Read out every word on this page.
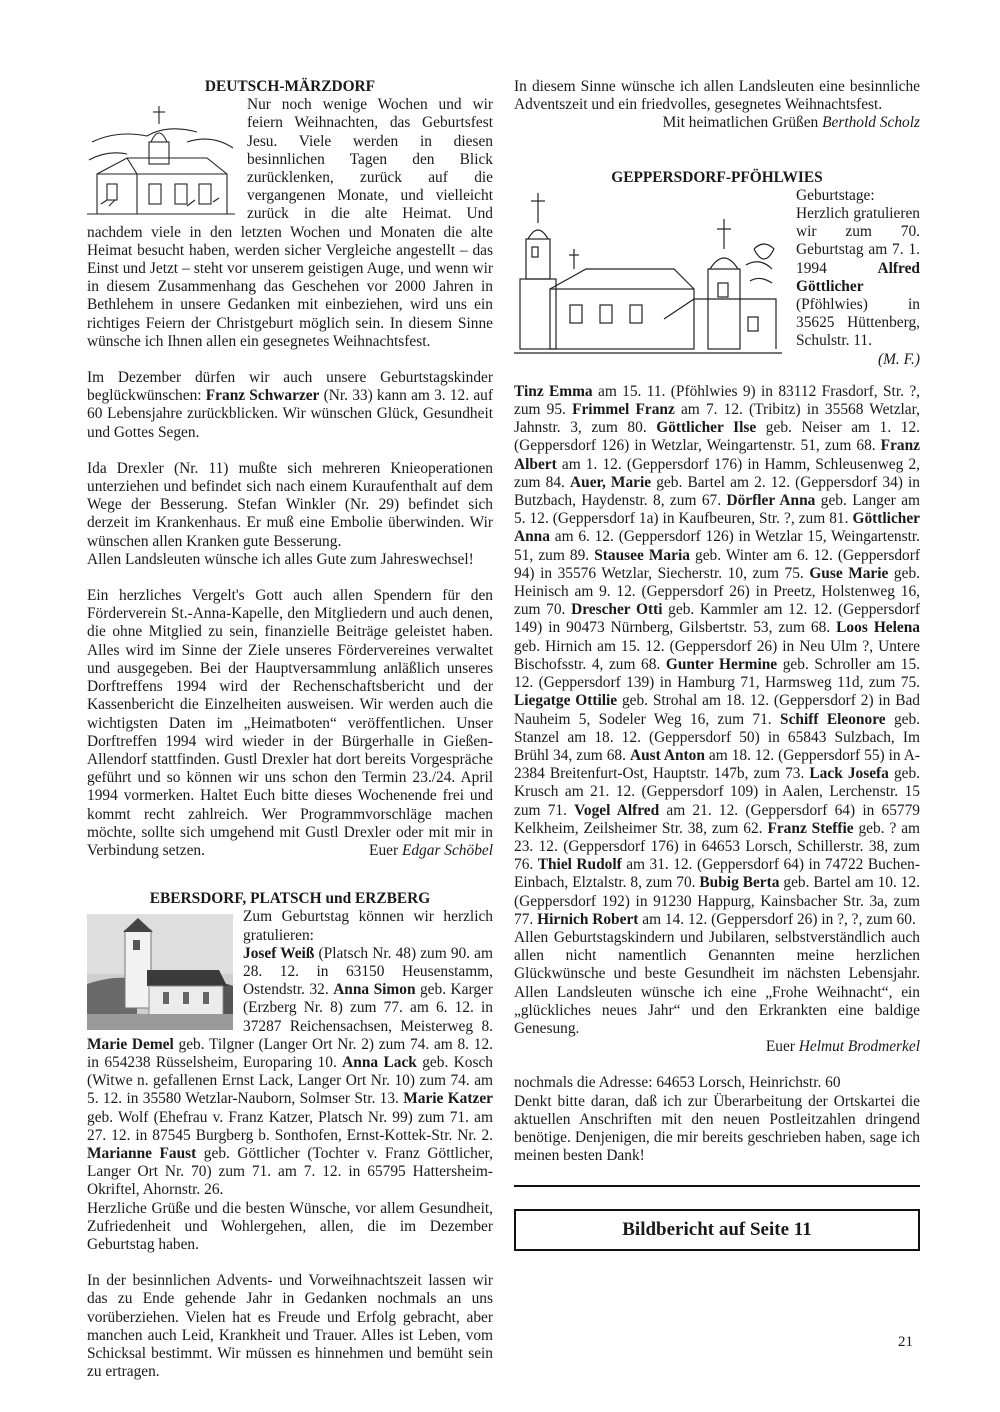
DEUTSCH-MÄRZDORF

Nur noch wenige Wochen und wir feiern Weihnachten, das Geburtsfest Jesu. Viele werden in diesen besinnlichen Tagen den Blick zurücklenken, zurück auf die vergangenen Monate, und vielleicht zurück in die alte Heimat. Und nachdem viele in den letzten Wochen und Monaten die alte Heimat besucht haben, werden sicher Vergleiche angestellt – das Einst und Jetzt – steht vor unserem geistigen Auge, und wenn wir in diesem Zusammenhang das Geschehen vor 2000 Jahren in Bethlehem in unsere Gedanken mit einbeziehen, wird uns ein richtiges Feiern der Christgeburt möglich sein. In diesem Sinne wünsche ich Ihnen allen ein gesegnetes Weihnachtsfest.

Im Dezember dürfen wir auch unsere Geburtstagskinder beglückwünschen: Franz Schwarzer (Nr. 33) kann am 3. 12. auf 60 Lebensjahre zurückblicken. Wir wünschen Glück, Gesundheit und Gottes Segen.

Ida Drexler (Nr. 11) mußte sich mehreren Knieoperationen unterziehen und befindet sich nach einem Kuraufenthalt auf dem Wege der Besserung. Stefan Winkler (Nr. 29) befindet sich derzeit im Krankenhaus. Er muß eine Embolie überwinden. Wir wünschen allen Kranken gute Besserung.

Allen Landsleuten wünsche ich alles Gute zum Jahreswechsel!

Ein herzliches Vergelt's Gott auch allen Spendern für den Förderverein St.-Anna-Kapelle, den Mitgliedern und auch denen, die ohne Mitglied zu sein, finanzielle Beiträge geleistet haben. Alles wird im Sinne der Ziele unseres Fördervereines verwaltet und ausgegeben. Bei der Hauptversammlung anläßlich unseres Dorftreffens 1994 wird der Rechenschaftsbericht und der Kassenbericht die Einzelheiten ausweisen. Wir werden auch die wichtigsten Daten im „Heimatboten“ veröffentlichen. Unser Dorftreffen 1994 wird wieder in der Bürgerhalle in Gießen-Allendorf stattfinden. Gustl Drexler hat dort bereits Vorgespräche geführt und so können wir uns schon den Termin 23./24. April 1994 vormerken. Haltet Euch bitte dieses Wochenende frei und kommt recht zahlreich. Wer Programmvorschläge machen möchte, sollte sich umgehend mit Gustl Drexler oder mit mir in Verbindung setzen.	Euer Edgar Schöbel

EBERSDORF, PLATSCH und ERZBERG

Zum Geburtstag können wir herzlich gratulieren:

Josef Weiß (Platsch Nr. 48) zum 90. am 28. 12. in 63150 Heusenstamm, Ostendstr. 32. Anna Simon geb. Karger (Erzberg Nr. 8) zum 77. am 6. 12. in 37287 Reichensachsen, Meisterweg 8. Marie Demel geb. Tilgner (Langer Ort Nr. 2) zum 74. am 8. 12. in 654238 Rüsselsheim, Europaring 10. Anna Lack geb. Kosch (Witwe n. gefallenen Ernst Lack, Langer Ort Nr. 10) zum 74. am 5. 12. in 35580 Wetzlar-Nauborn, Solmser Str. 13. Marie Katzer geb. Wolf (Ehefrau v. Franz Katzer, Platsch Nr. 99) zum 71. am 27. 12. in 87545 Burgberg b. Sonthofen, Ernst-Kottek-Str. Nr. 2. Marianne Faust geb. Göttlicher (Tochter v. Franz Göttlicher, Langer Ort Nr. 70) zum 71. am 7. 12. in 65795 Hattersheim-Okriftel, Ahornstr. 26.

Herzliche Grüße und die besten Wünsche, vor allem Gesundheit, Zufriedenheit und Wohlergehen, allen, die im Dezember Geburtstag haben.

In der besinnlichen Advents- und Vorweihnachtszeit lassen wir das zu Ende gehende Jahr in Gedanken nochmals an uns vorüberziehen. Vielen hat es Freude und Erfolg gebracht, aber manchen auch Leid, Krankheit und Trauer. Alles ist Leben, vom Schicksal bestimmt. Wir müssen es hinnehmen und bemüht sein zu ertragen.

In diesem Sinne wünsche ich allen Landsleuten eine besinnliche Adventszeit und ein friedvolles, gesegnetes Weihnachtsfest.

Mit heimatlichen Grüßen Berthold Scholz

GEPPERSDORF-PFÖHLWIES

Geburtstage: Herzlich gratulieren wir zum 70. Geburtstag am 7. 1. 1994 Alfred Göttlicher (Pföhlwies) in 35625 Hüttenberg, Schulstr. 11.

(M. F.)

Tinz Emma am 15. 11. (Pföhlwies 9) in 83112 Frasdorf, Str. ?, zum 95. Frimmel Franz am 7. 12. (Tribitz) in 35568 Wetzlar, Jahnstr. 3, zum 80. Göttlicher Ilse geb. Neiser am 1. 12. (Geppersdorf 126) in Wetzlar, Weingartenstr. 51, zum 68. Franz Albert am 1. 12. (Geppersdorf 176) in Hamm, Schleusenweg 2, zum 84. Auer, Marie geb. Bartel am 2. 12. (Geppersdorf 34) in Butzbach, Haydenstr. 8, zum 67. Dörfler Anna geb. Langer am 5. 12. (Geppersdorf 1a) in Kaufbeuren, Str. ?, zum 81. Göttlicher Anna am 6. 12. (Geppersdorf 126) in Wetzlar 15, Weingartenstr. 51, zum 89. Stausee Maria geb. Winter am 6. 12. (Geppersdorf 94) in 35576 Wetzlar, Siecherstr. 10, zum 75. Guse Marie geb. Heinisch am 9. 12. (Geppersdorf 26) in Preetz, Holstenweg 16, zum 70. Drescher Otti geb. Kammler am 12. 12. (Geppersdorf 149) in 90473 Nürnberg, Gilsbertstr. 53, zum 68. Loos Helena geb. Hirnich am 15. 12. (Geppersdorf 26) in Neu Ulm ?, Untere Bischofsstr. 4, zum 68. Gunter Hermine geb. Schroller am 15. 12. (Geppersdorf 139) in Hamburg 71, Harmsweg 11d, zum 75. Liegatge Ottilie geb. Strohal am 18. 12. (Geppersdorf 2) in Bad Nauheim 5, Sodeler Weg 16, zum 71. Schiff Eleonore geb. Stanzel am 18. 12. (Geppersdorf 50) in 65843 Sulzbach, Im Brühl 34, zum 68. Aust Anton am 18. 12. (Geppersdorf 55) in A-2384 Breitenfurt-Ost, Hauptstr. 147b, zum 73. Lack Josefa geb. Krusch am 21. 12. (Geppersdorf 109) in Aalen, Lerchenstr. 15 zum 71. Vogel Alfred am 21. 12. (Geppersdorf 64) in 65779 Kelkheim, Zeilsheimer Str. 38, zum 62. Franz Steffie geb. ? am 23. 12. (Geppersdorf 176) in 64653 Lorsch, Schillerstr. 38, zum 76. Thiel Rudolf am 31. 12. (Geppersdorf 64) in 74722 Buchen-Einbach, Elztalstr. 8, zum 70. Bubig Berta geb. Bartel am 10. 12. (Geppersdorf 192) in 91230 Happurg, Kainsbacher Str. 3a, zum 77. Hirnich Robert am 14. 12. (Geppersdorf 26) in ?, ?, zum 60.

Allen Geburtstagskindern und Jubilaren, selbstverständlich auch allen nicht namentlich Genannten meine herzlichen Glückwünsche und beste Gesundheit im nächsten Lebensjahr. Allen Landsleuten wünsche ich eine „Frohe Weihnacht“, ein „glückliches neues Jahr“ und den Erkrankten eine baldige Genesung.

Euer Helmut Brodmerkel

nochmals die Adresse: 64653 Lorsch, Heinrichstr. 60

Denkt bitte daran, daß ich zur Überarbeitung der Ortskartei die aktuellen Anschriften mit den neuen Postleitzahlen dringend benötige. Denjenigen, die mir bereits geschrieben haben, sage ich meinen besten Dank!

Bildbericht auf Seite 11
21
